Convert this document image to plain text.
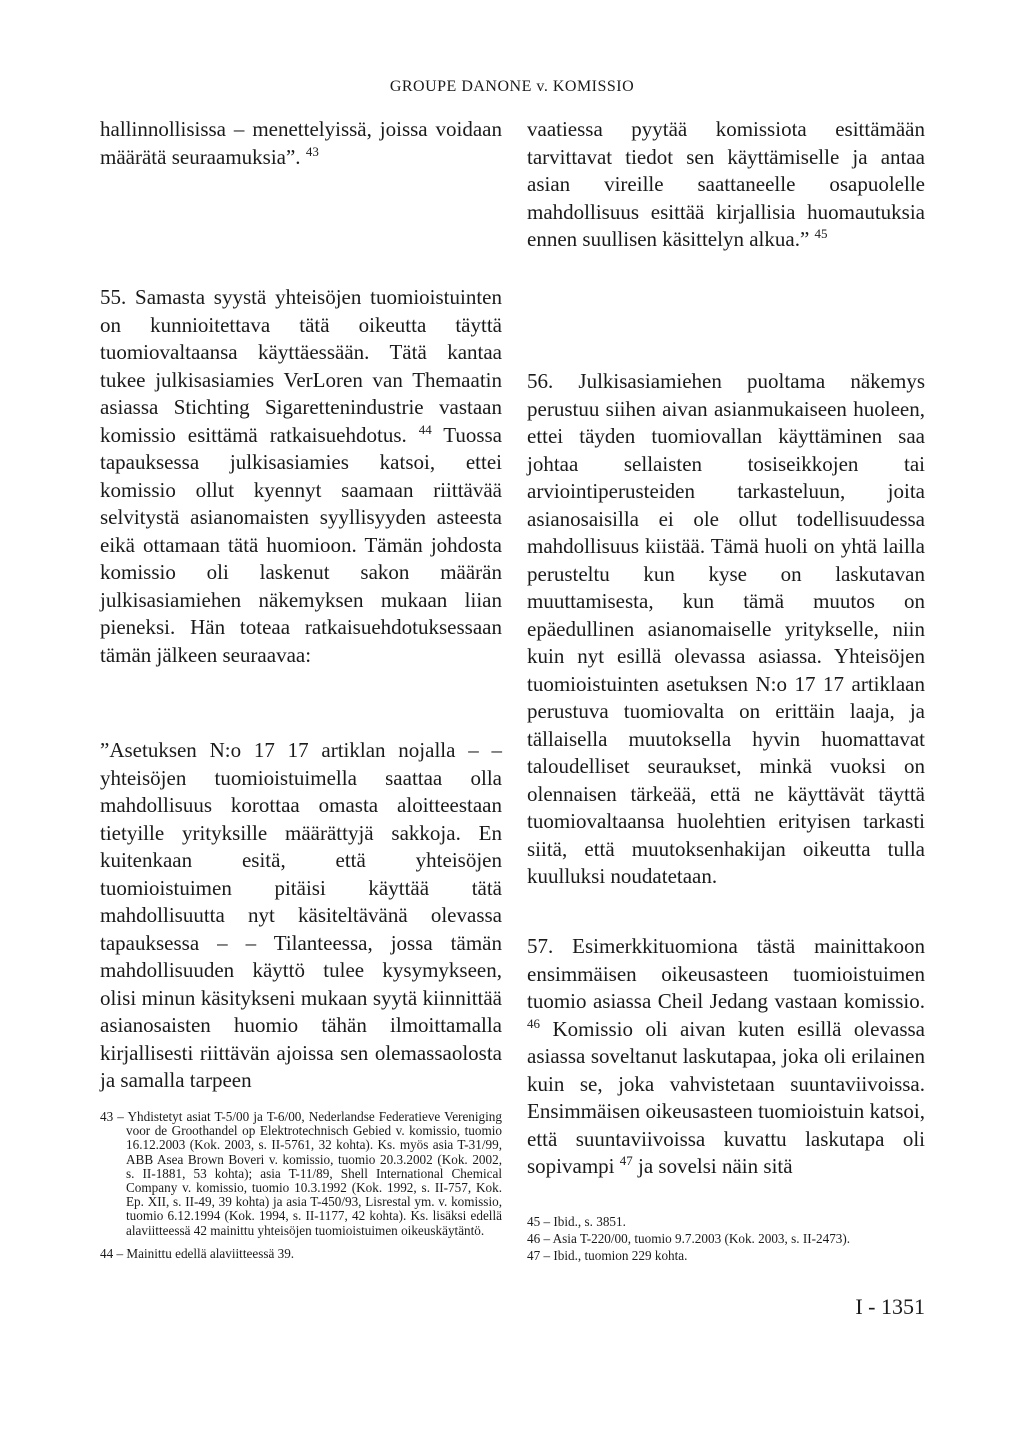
GROUPE DANONE v. KOMISSIO

hallinnollisissa – menettelyissä, joissa voidaan määrätä seuraamuksia”. $^{43}$

55. Samasta syystä yhteisöjen tuomioistuinten on kunnioitettava tätä oikeutta täyttä tuomiovaltaansa käyttäessään. Tätä kantaa tukee julkisasiamies VerLoren van Themaatin asiassa Stichting Sigarettenindustrie vastaan komissio esittämä ratkaisuehdotus. $^{44}$ Tuossa tapauksessa julkisasiamies katsoi, ettei komissio ollut kyennyt saamaan riittävää selvitystä asianomaisten syyllisyyden asteesta eikä ottamaan tätä huomioon. Tämän johdosta komissio oli laskenut sakon määrän julkisasiamiehen näkemyksen mukaan liian pieneksi. Hän toteaa ratkaisuehdotuksessaan tämän jälkeen seuraavaa:

”Asetuksen N:o 17 17 artiklan nojalla – – yhteisöjen tuomioistuimella saattaa olla mahdollisuus korottaa omasta aloitteestaan tietyille yrityksille määrättyjä sakkoja. En kuitenkaan esitä, että yhteisöjen tuomioistuimen pitäisi käyttää tätä mahdollisuutta nyt käsiteltävänä olevassa tapauksessa – – Tilanteessa, jossa tämän mahdollisuuden käyttö tulee kysymykseen, olisi minun käsitykseni mukaan syytä kiinnittää asianosaisten huomio tähän ilmoittamalla kirjallisesti riittävän ajoissa sen olemassaolosta ja samalla tarpeen

43 – Yhdistetyt asiat T-5/00 ja T-6/00, Nederlandse Federatieve Vereniging voor de Groothandel op Elektrotechnisch Gebied v. komissio, tuomio 16.12.2003 (Kok. 2003, s. II-5761, 32 kohta). Ks. myös asia T-31/99, ABB Asea Brown Boveri v. komissio, tuomio 20.3.2002 (Kok. 2002, s. II-1881, 53 kohta); asia T-11/89, Shell International Chemical Company v. komissio, tuomio 10.3.1992 (Kok. 1992, s. II-757, Kok. Ep. XII, s. II-49, 39 kohta) ja asia T-450/93, Lisrestal ym. v. komissio, tuomio 6.12.1994 (Kok. 1994, s. II-1177, 42 kohta). Ks. lisäksi edellä alaviitteessä 42 mainittu yhteisöjen tuomioistuimen oikeuskäytäntö.

44 – Mainittu edellä alaviitteessä 39.

vaatiessa pyytää komissiota esittämään tarvittavat tiedot sen käyttämiselle ja antaa asian vireille saattaneelle osapuolelle mahdollisuus esittää kirjallisia huomautuksia ennen suullisen käsittelyn alkua.” $^{45}$

56. Julkisasiamiehen puoltama näkemys perustuu siihen aivan asianmukaiseen huoleen, ettei täyden tuomiovallan käyttäminen saa johtaa sellaisten tosiseikkojen tai arviointiperusteiden tarkasteluun, joita asianosaisilla ei ole ollut todellisuudessa mahdollisuus kiistää. Tämä huoli on yhtä lailla perusteltu kun kyse on laskutavan muuttamisesta, kun tämä muutos on epäedullinen asianomaiselle yritykselle, niin kuin nyt esillä olevassa asiassa. Yhteisöjen tuomioistuinten asetuksen N:o 17 17 artiklaan perustuva tuomiovalta on erittäin laaja, ja tällaisella muutoksella hyvin huomattavat taloudelliset seuraukset, minkä vuoksi on olennaisen tärkeää, että ne käyttävät täyttä tuomiovaltaansa huolehtien erityisen tarkasti siitä, että muutoksenhakijan oikeutta tulla kuulluksi noudatetaan.

57. Esimerkkituomiona tästä mainittakoon ensimmäisen oikeusasteen tuomioistuimen tuomio asiassa Cheil Jedang vastaan komissio. $^{46}$ Komissio oli aivan kuten esillä olevassa asiassa soveltanut laskutapaa, joka oli erilainen kuin se, joka vahvistetaan suuntaviivoissa. Ensimmäisen oikeusasteen tuomioistuin katsoi, että suuntaviivoissa kuvattu laskutapa oli sopivampi $^{47}$ ja sovelsi näin sitä

45 – Ibid., s. 3851.

46 – Asia T-220/00, tuomio 9.7.2003 (Kok. 2003, s. II-2473).

47 – Ibid., tuomion 229 kohta.

I - 1351
